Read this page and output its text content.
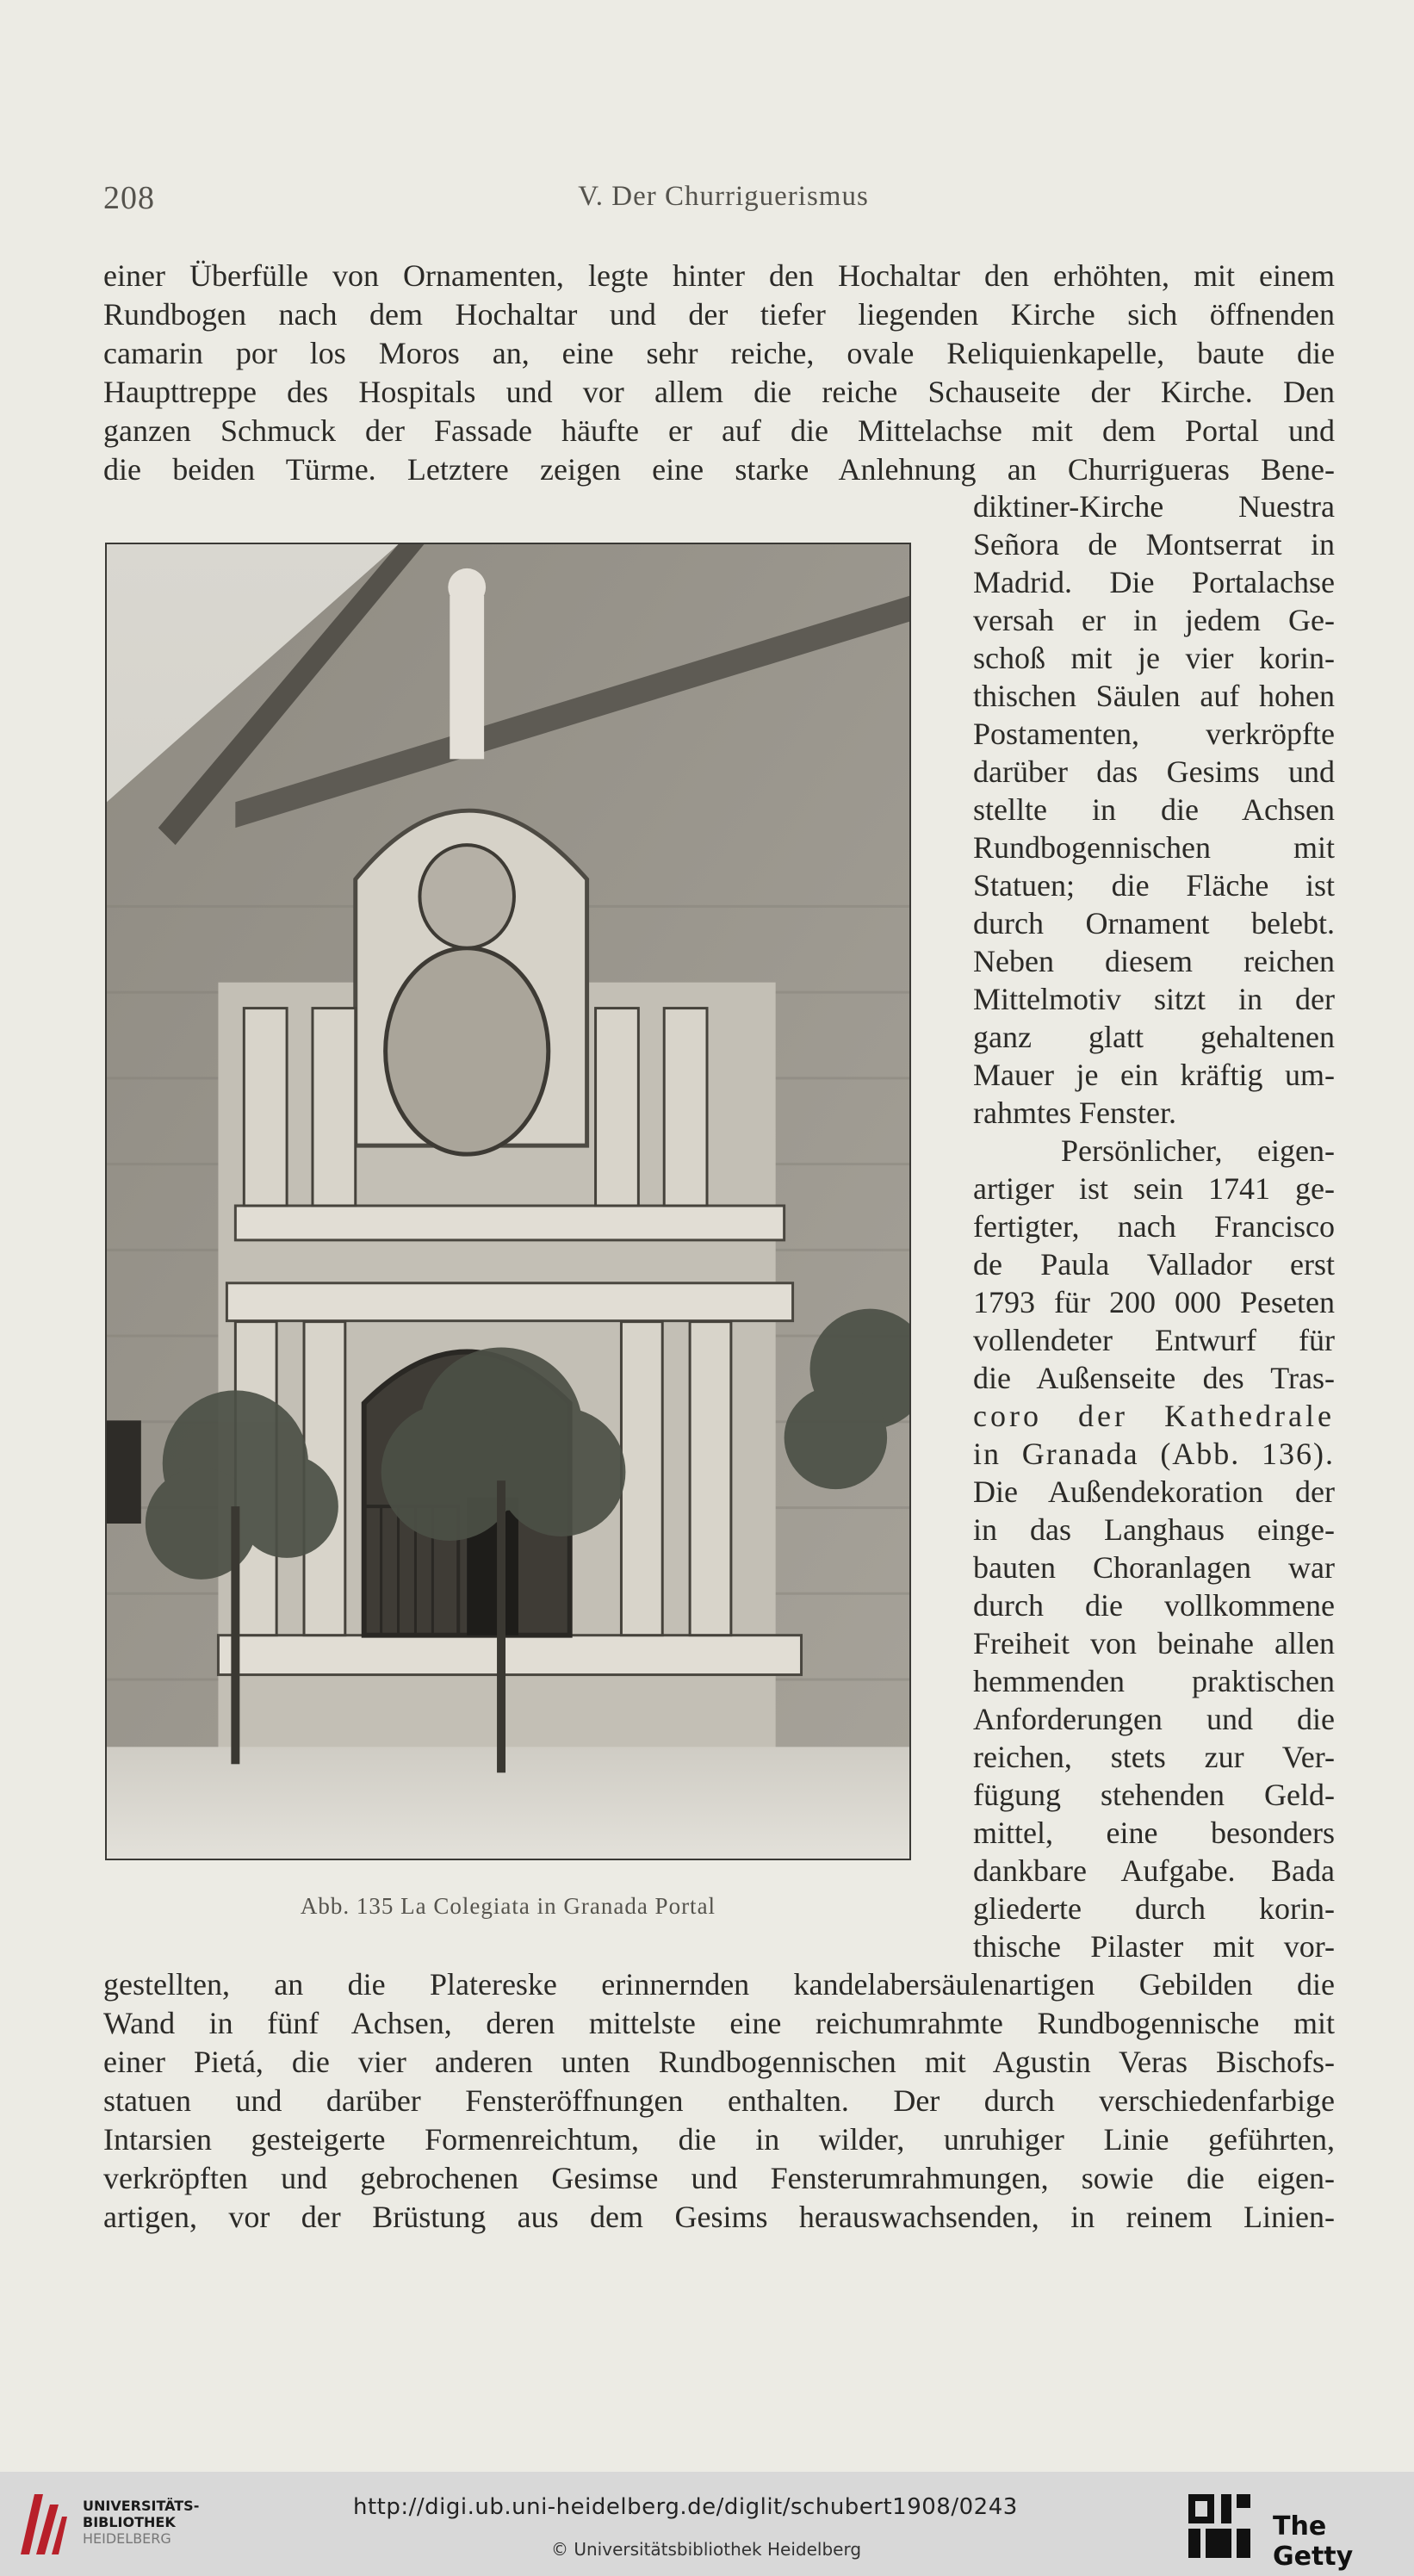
208	V. Der Churriguerismus
einer Überfülle von Ornamenten, legte hinter den Hochaltar den erhöhten, mit einem
Rundbogen nach dem Hochaltar und der tiefer liegenden Kirche sich öffnenden
camarin por los Moros an, eine sehr reiche, ovale Reliquienkapelle, baute die
Haupttreppe des Hospitals und vor allem die reiche Schauseite der Kirche. Den
ganzen Schmuck der Fassade häufte er auf die Mittelachse mit dem Portal und
die beiden Türme. Letztere zeigen eine starke Anlehnung an Churrigueras Bene-
diktiner-Kirche Nuestra
Señora de Montserrat in
Madrid. Die Portalachse
versah er in jedem Ge-
schoß mit je vier korin-
thischen Säulen auf hohen
Postamenten, verkröpfte
darüber das Gesims und
stellte in die Achsen
Rundbogennischen mit
Statuen; die Fläche ist
durch Ornament belebt.
Neben diesem reichen
Mittelmotiv sitzt in der
ganz glatt gehaltenen
Mauer je ein kräftig um-
rahmtes Fenster.
Persönlicher, eigen-
artiger ist sein 1741 ge-
fertigter, nach Francisco
de Paula Vallador erst
1793 für 200 000 Peseten
vollendeter Entwurf für
die Außenseite des Tras-
coro der Kathedrale
in Granada (Abb. 136).
Die Außendekoration der
in das Langhaus einge-
bauten Choranlagen war
durch die vollkommene
Freiheit von beinahe allen
hemmenden praktischen
Anforderungen und die
reichen, stets zur Ver-
fügung stehenden Geld-
mittel, eine besonders
dankbare Aufgabe. Bada
gliederte durch korin-
thische Pilaster mit vor-
Abb. 135 La Colegiata in Granada Portal
gestellten, an die Platereske erinnernden kandelabersäulenartigen Gebilden die
Wand in fünf Achsen, deren mittelste eine reichumrahmte Rundbogennische mit
einer Pietá, die vier anderen unten Rundbogennischen mit Agustin Veras Bischofs-
statuen und darüber Fensteröffnungen enthalten. Der durch verschiedenfarbige
Intarsien gesteigerte Formenreichtum, die in wilder, unruhiger Linie geführten,
verkröpften und gebrochenen Gesimse und Fensterumrahmungen, sowie die eigen-
artigen, vor der Brüstung aus dem Gesims herauswachsenden, in reinem Linien-
UNIVERSITÄTS-
BIBLIOTHEK
HEIDELBERG
http://digi.ub.uni-heidelberg.de/diglit/schubert1908/0243
© Universitätsbibliothek Heidelberg
The Getty
